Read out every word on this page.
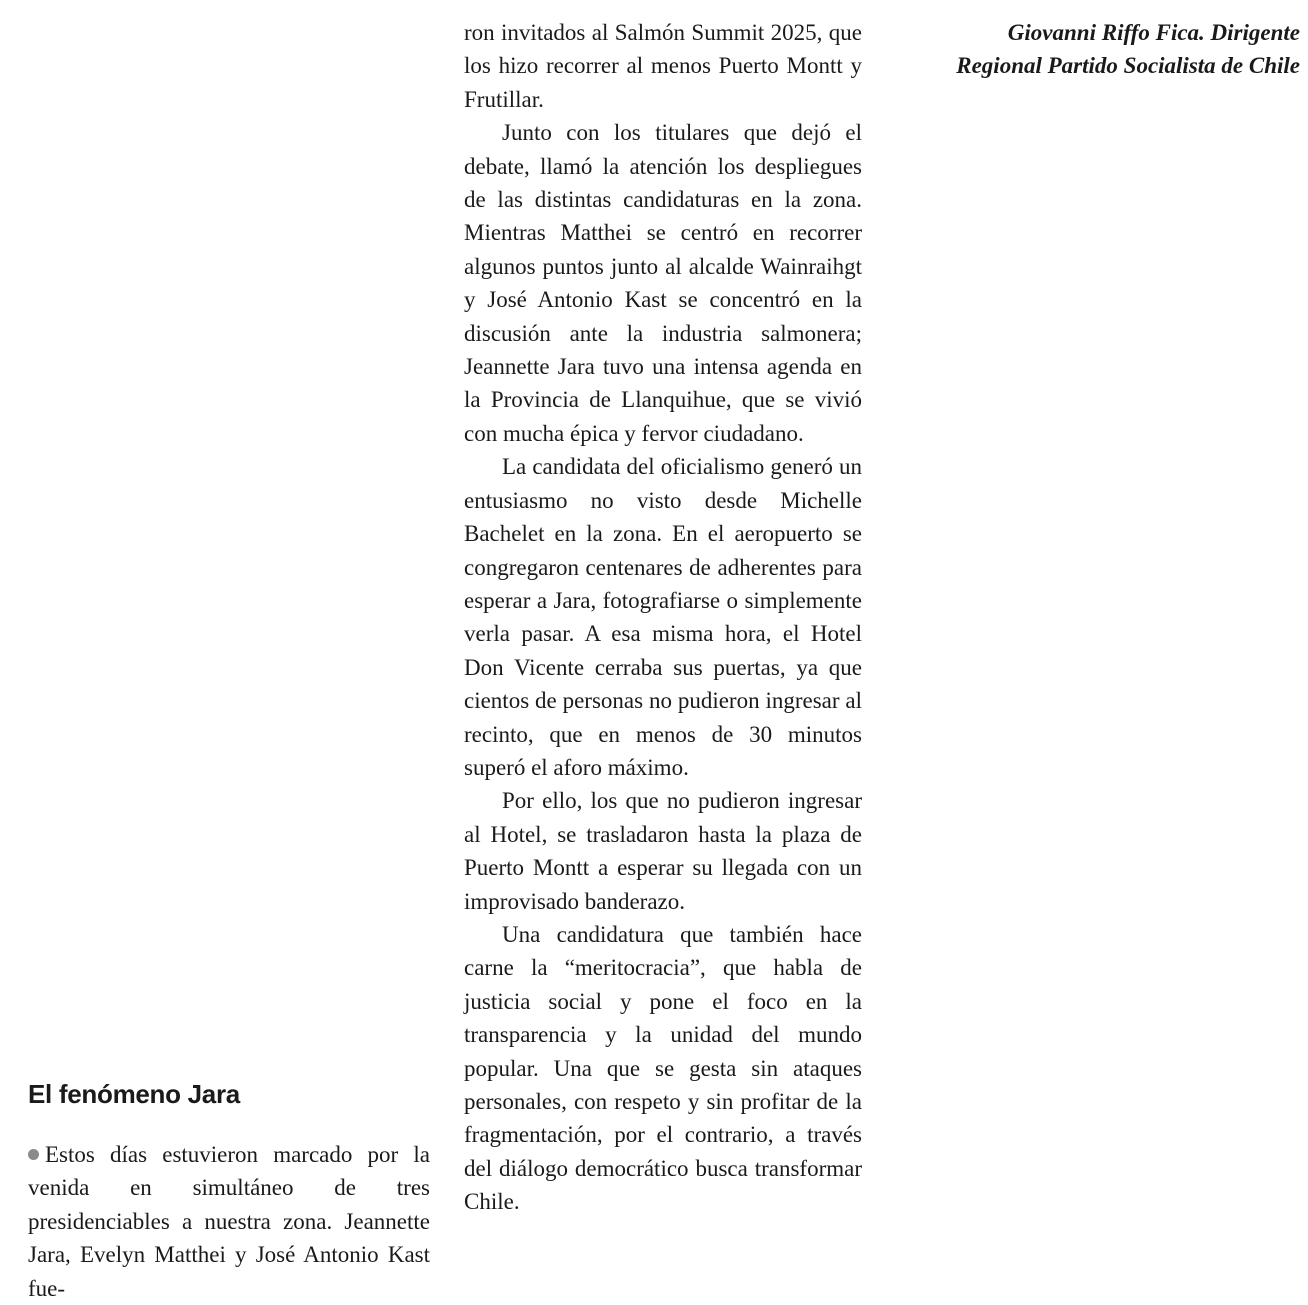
El fenómeno Jara

Estos días estuvieron marcado por la venida en simultáneo de tres presidenciables a nuestra zona. Jeannette Jara, Evelyn Matthei y José Antonio Kast fue-

ron invitados al Salmón Summit 2025, que los hizo recorrer al menos Puerto Montt y Frutillar.

Junto con los titulares que dejó el debate, llamó la atención los despliegues de las distintas candidaturas en la zona. Mientras Matthei se centró en recorrer algunos puntos junto al alcalde Wainraihgt y José Antonio Kast se concentró en la discusión ante la industria salmonera; Jeannette Jara tuvo una intensa agenda en la Provincia de Llanquihue, que se vivió con mucha épica y fervor ciudadano.

La candidata del oficialismo generó un entusiasmo no visto desde Michelle Bachelet en la zona. En el aeropuerto se congregaron centenares de adherentes para esperar a Jara, fotografiarse o simplemente verla pasar. A esa misma hora, el Hotel Don Vicente cerraba sus puertas, ya que cientos de personas no pudieron ingresar al recinto, que en menos de 30 minutos superó el aforo máximo.

Por ello, los que no pudieron ingresar al Hotel, se trasladaron hasta la plaza de Puerto Montt a esperar su llegada con un improvisado banderazo.

Una candidatura que también hace carne la “meritocracia”, que habla de justicia social y pone el foco en la transparencia y la unidad del mundo popular. Una que se gesta sin ataques personales, con respeto y sin profitar de la fragmentación, por el contrario, a través del diálogo democrático busca transformar Chile.

Giovanni Riffo Fica. Dirigente
Regional Partido Socialista de Chile
